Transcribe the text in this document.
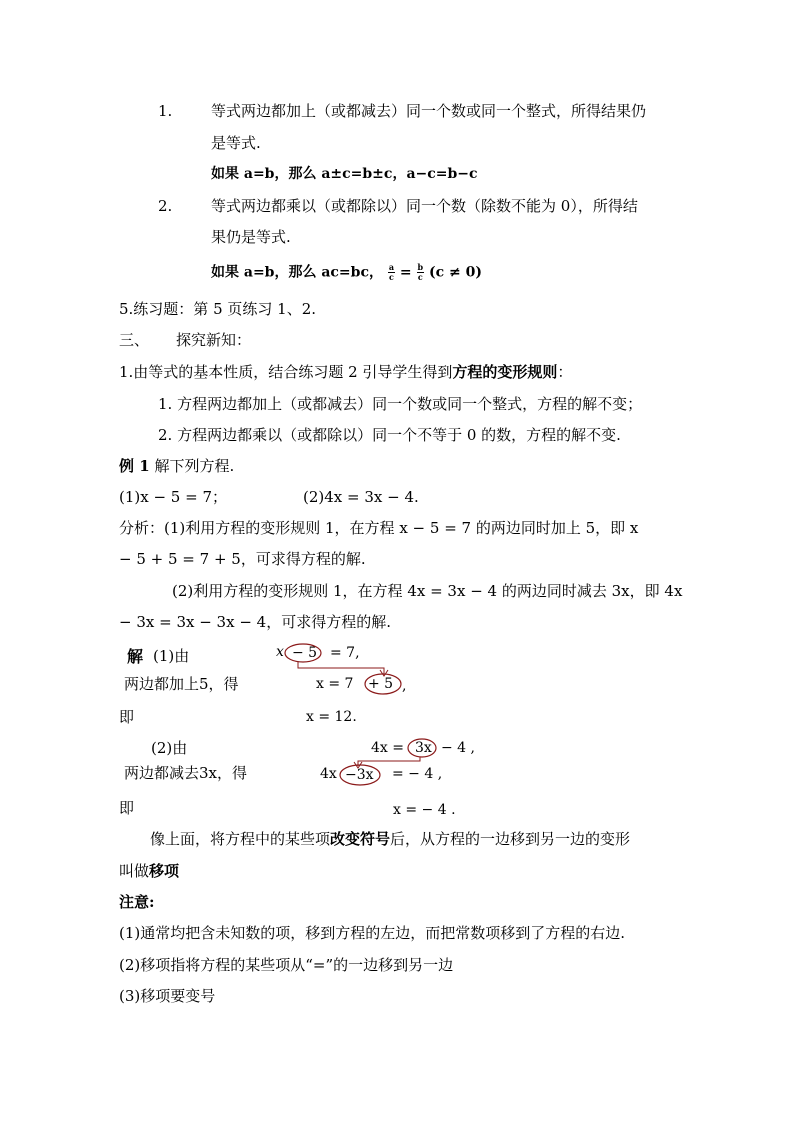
1.	等式两边都加上（或都减去）同一个数或同一个整式，所得结果仍
是等式.
如果 a=b，那么 a±c=b±c，a−c=b−c
2.	等式两边都乘以（或都除以）同一个数（除数不能为 0），所得结
果仍是等式.
如果 a=b，那么 ac=bc， $\frac{a}{c} = \frac{b}{c} (c \ne 0)$
5.练习题：第 5 页练习 1、2.
三、 探究新知：
1.由等式的基本性质，结合练习题 2 引导学生得到方程的变形规则：
1. 方程两边都加上（或都减去）同一个数或同一个整式，方程的解不变；
2. 方程两边都乘以（或都除以）同一个不等于 0 的数，方程的解不变.
例 1 解下列方程.
(1)x − 5 = 7；	(2)4x = 3x − 4.
分析：(1)利用方程的变形规则 1，在方程 x − 5 = 7 的两边同时加上 5，即 x
− 5 + 5 = 7 + 5，可求得方程的解.
(2)利用方程的变形规则 1，在方程 4x = 3x − 4 的两边同时减去 3x，即 4x
− 3x = 3x − 3x − 4，可求得方程的解.
解 (1)由
两边都加上5，得
即
x − 5 = 7,
x = 7 + 5 ,
x = 12.
(2)由
两边都减去3x，得
即
4x = 3x − 4 ,
4x −3x = − 4 ,
x = − 4 .
像上面，将方程中的某些项改变符号后，从方程的一边移到另一边的变形
叫做移项
注意:
(1)通常均把含未知数的项，移到方程的左边，而把常数项移到了方程的右边.
(2)移项指将方程的某些项从“=”的一边移到另一边
(3)移项要变号
